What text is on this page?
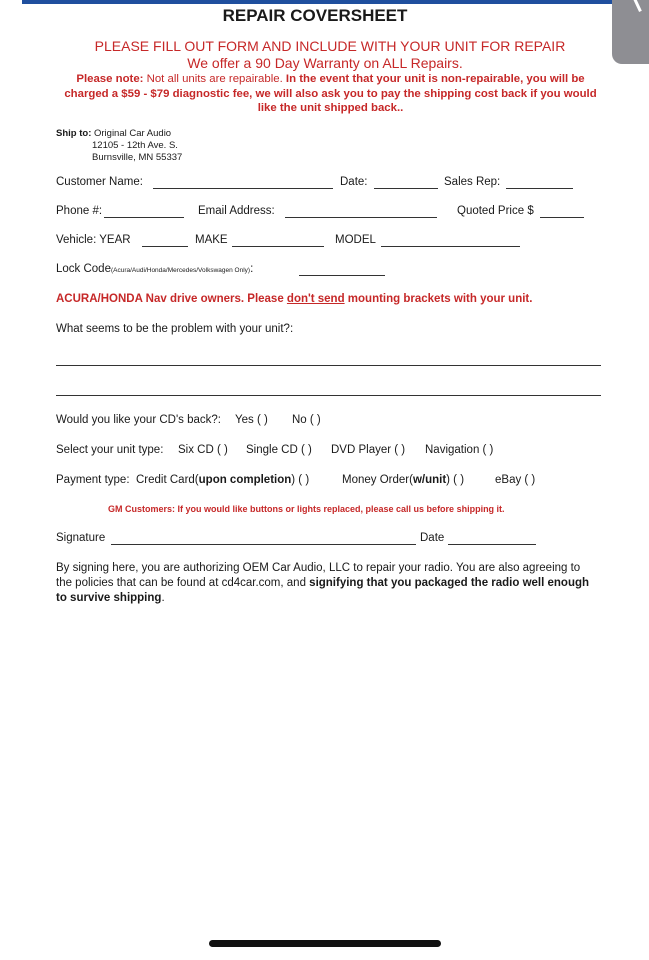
REPAIR COVERSHEET
PLEASE FILL OUT FORM AND INCLUDE WITH YOUR UNIT FOR REPAIR
We offer a 90 Day Warranty on ALL Repairs.
Please note: Not all units are repairable. In the event that your unit is non-repairable, you will be charged a $59 - $79 diagnostic fee, we will also ask you to pay the shipping cost back if you would like the unit shipped back..
Ship to: Original Car Audio
12105 - 12th Ave. S.
Burnsville, MN 55337
Customer Name:	Date:	Sales Rep:
Phone #:	Email Address:	Quoted Price $
Vehicle: YEAR	MAKE	MODEL
Lock Code(Acura/Audi/Honda/Mercedes/Volkswagen Only):
ACURA/HONDA Nav drive owners. Please don't send mounting brackets with your unit.
What seems to be the problem with your unit?:
Would you like your CD's back?: Yes ( ) No ( )
Select your unit type: Six CD ( ) Single CD ( ) DVD Player ( ) Navigation ( )
Payment type: Credit Card(upon completion) ( )	Money Order(w/unit) ( )	eBay ( )
GM Customers: If you would like buttons or lights replaced, please call us before shipping it.
Signature	Date
By signing here, you are authorizing OEM Car Audio, LLC to repair your radio. You are also agreeing to the policies that can be found at cd4car.com, and signifying that you packaged the radio well enough to survive shipping.
